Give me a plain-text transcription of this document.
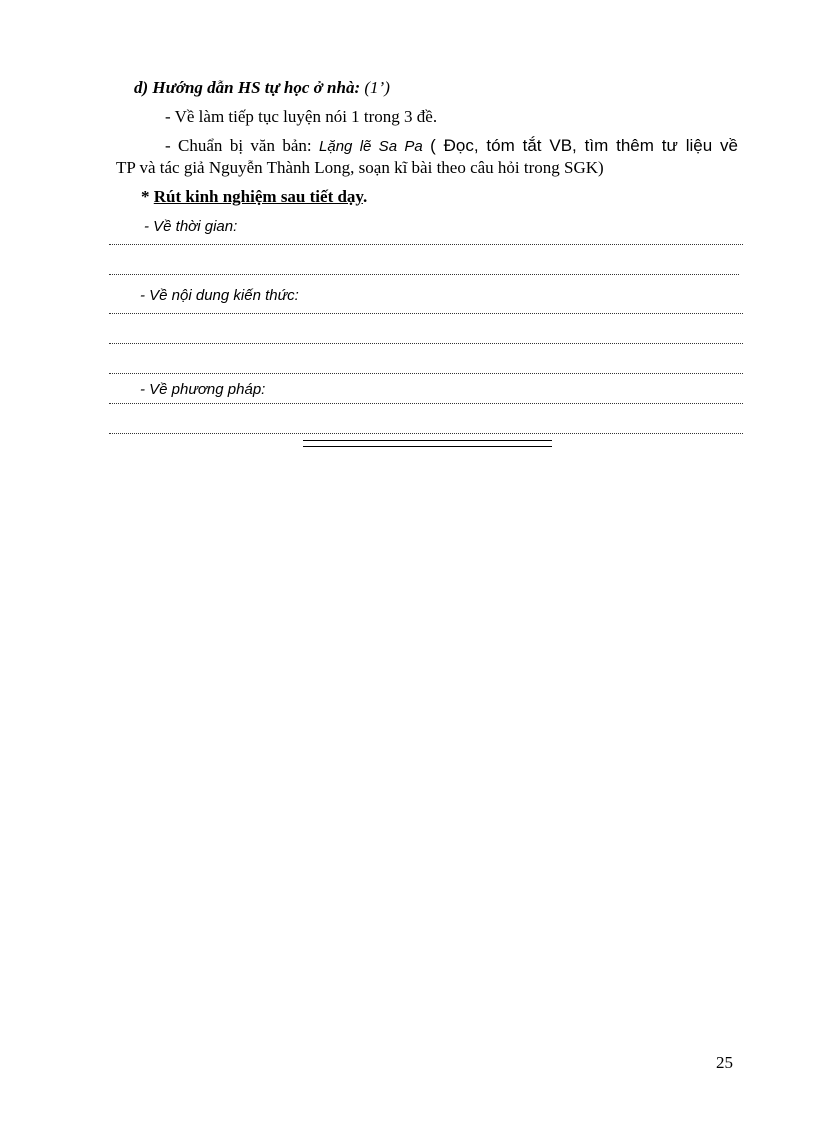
d) Hướng dẫn HS tự học ở nhà: (1’)
- Về làm tiếp tục luyện nói 1 trong 3 đề.
- Chuẩn bị văn bản: Lặng lẽ Sa Pa ( Đọc, tóm tắt VB, tìm thêm tư liệu về
TP và tác giả Nguyễn Thành Long, soạn kĩ bài theo câu hỏi trong SGK)
* Rút kinh nghiệm sau tiết dạy.
- Về thời gian:
- Về nội dung kiến thức:
- Về phương pháp:
25
